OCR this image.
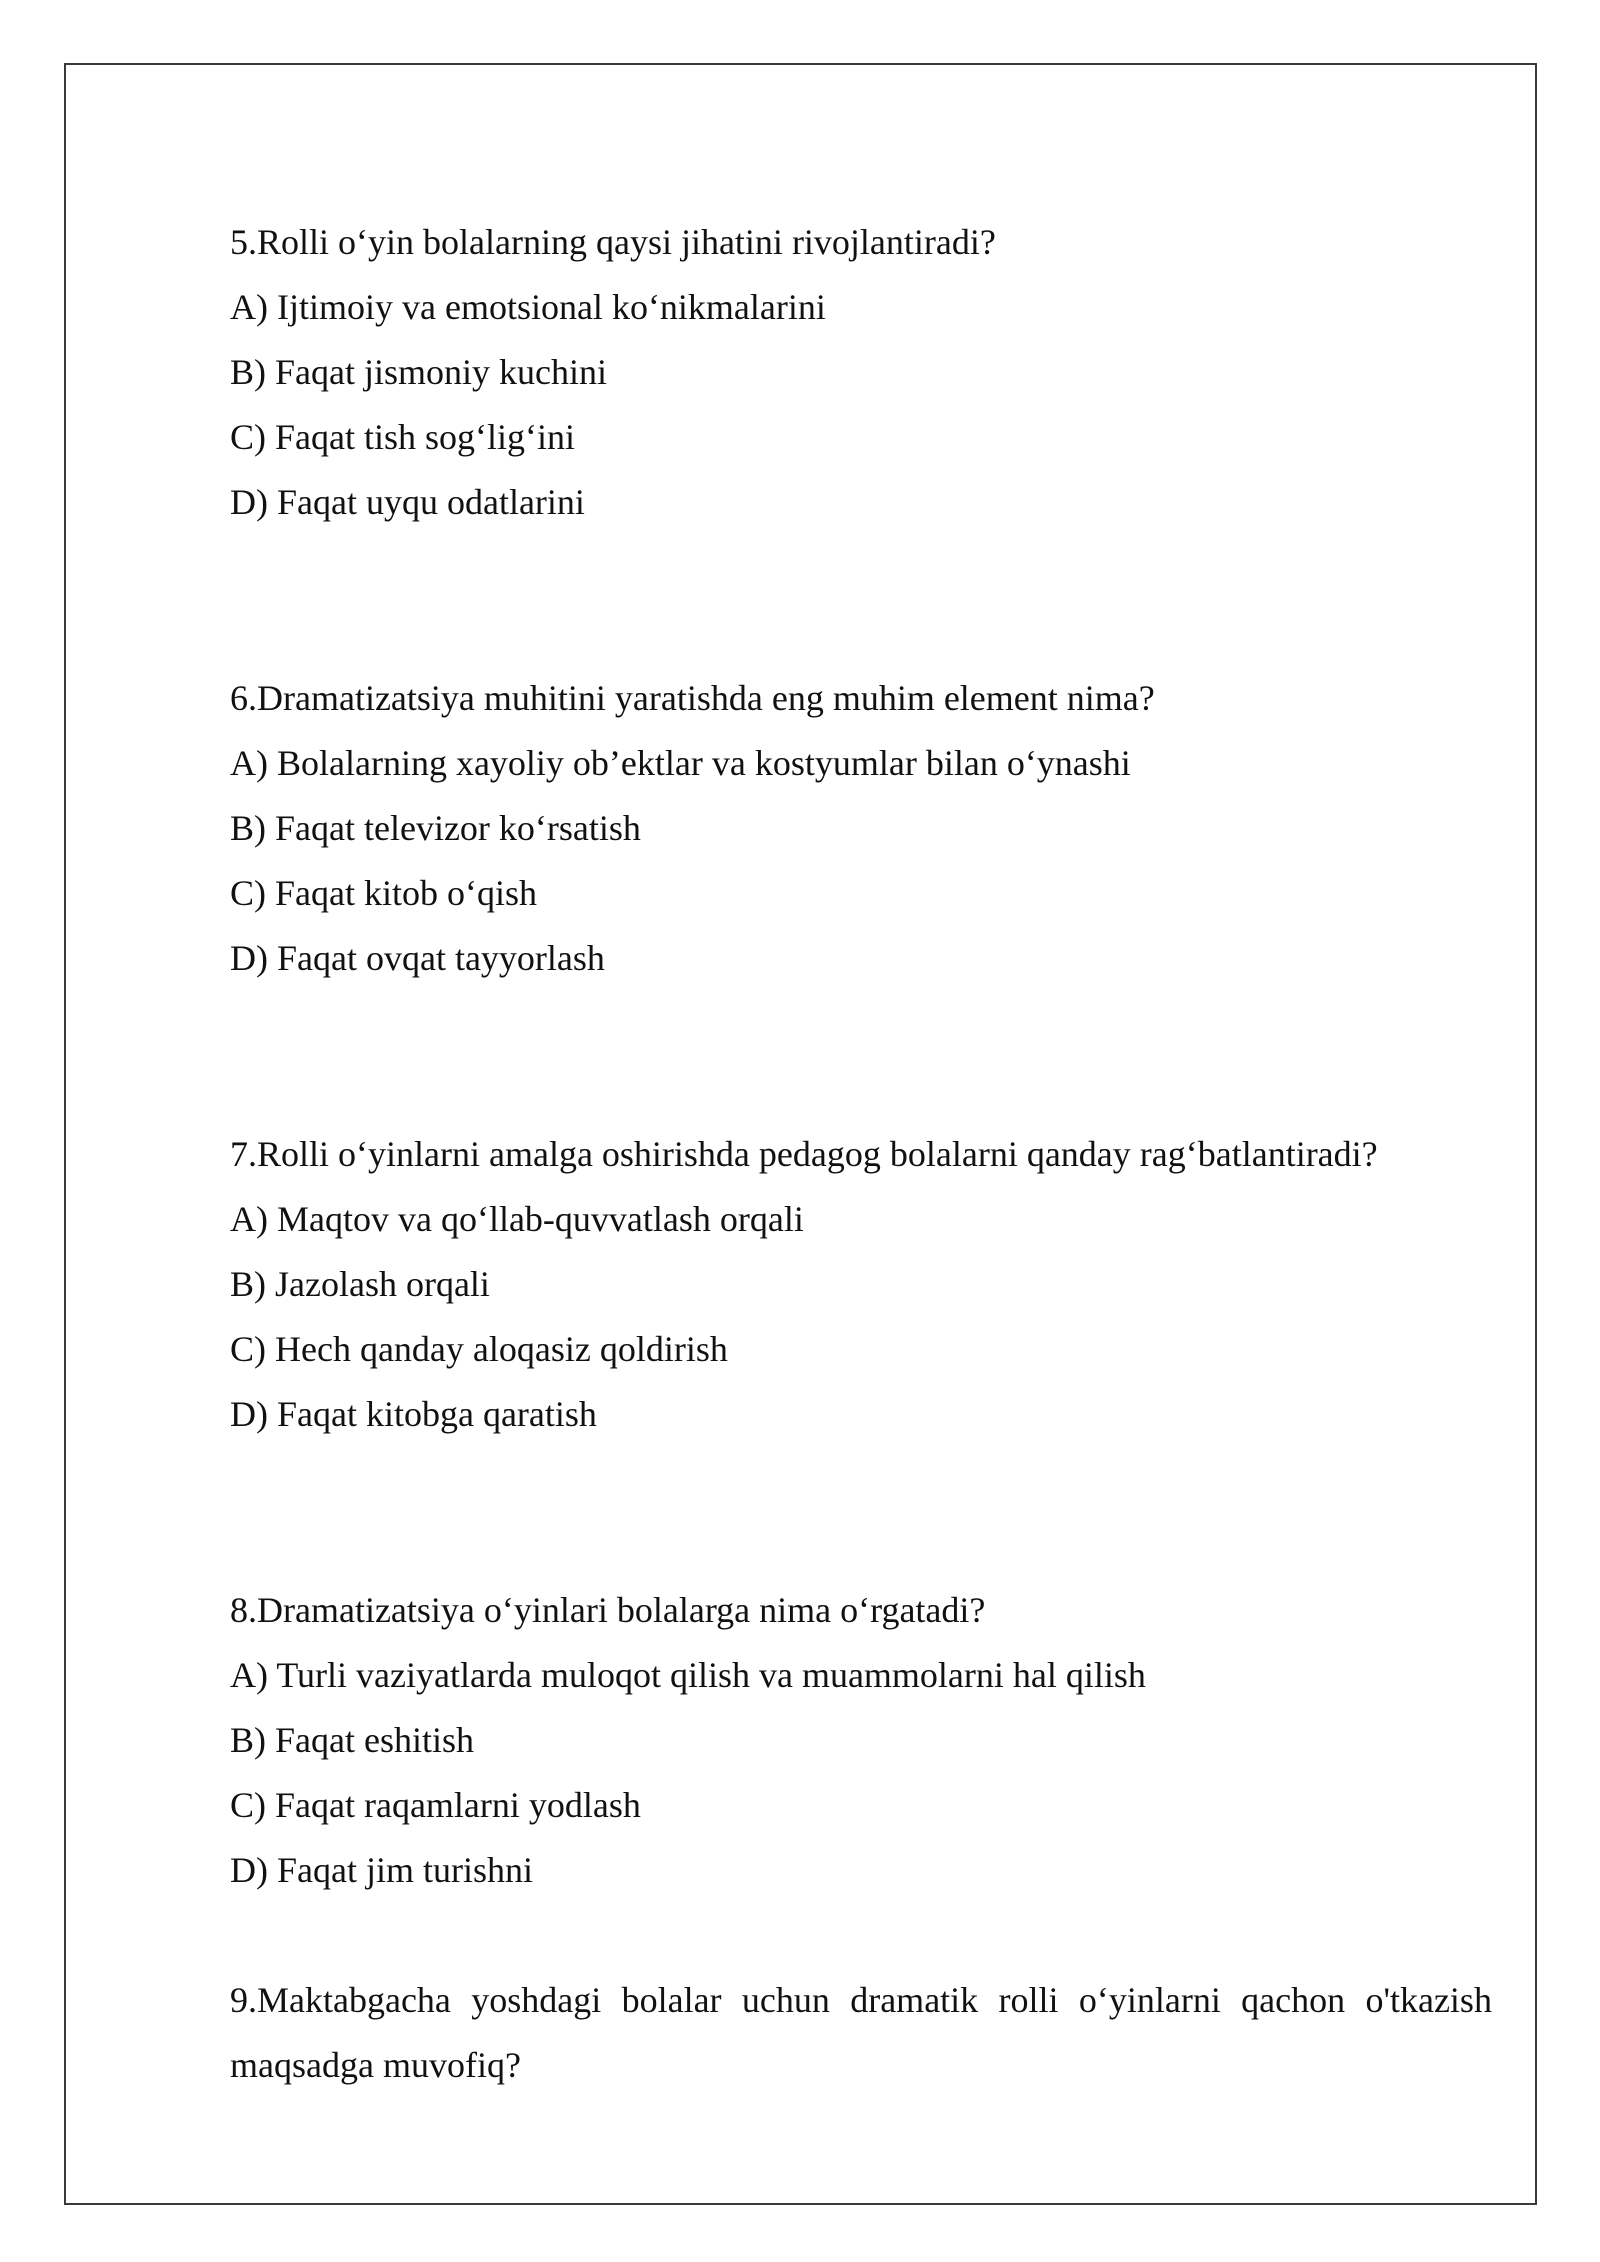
5.Rolli o‘yin bolalarning qaysi jihatini rivojlantiradi?
A) Ijtimoiy va emotsional ko‘nikmalarini
B) Faqat jismoniy kuchini
C) Faqat tish sog‘lig‘ini
D) Faqat uyqu odatlarini
6.Dramatizatsiya muhitini yaratishda eng muhim element nima?
A) Bolalarning xayoliy ob’ektlar va kostyumlar bilan o‘ynashi
B) Faqat televizor ko‘rsatish
C) Faqat kitob o‘qish
D) Faqat ovqat tayyorlash
7.Rolli o‘yinlarni amalga oshirishda pedagog bolalarni qanday rag‘batlantiradi?
A) Maqtov va qo‘llab-quvvatlash orqali
B) Jazolash orqali
C) Hech qanday aloqasiz qoldirish
D) Faqat kitobga qaratish
8.Dramatizatsiya o‘yinlari bolalarga nima o‘rgatadi?
A) Turli vaziyatlarda muloqot qilish va muammolarni hal qilish
B) Faqat eshitish
C) Faqat raqamlarni yodlash
D) Faqat jim turishni
9.Maktabgacha yoshdagi bolalar uchun dramatik rolli o‘yinlarni qachon o'tkazish
maqsadga muvofiq?
